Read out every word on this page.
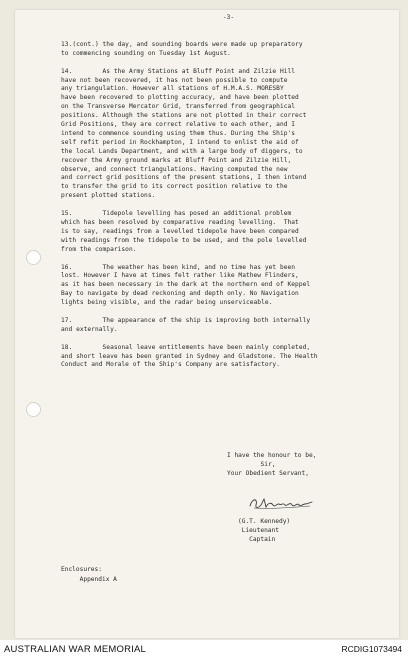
-3-
13.(cont.) the day, and sounding boards were made up preparatory
to commencing sounding on Tuesday 1st August.
14.        As the Army Stations at Bluff Point and Zilzie Hill
have not been recovered, it has not been possible to compute
any triangulation. However all stations of H.M.A.S. MORESBY
have been recovered to plotting accuracy, and have been plotted
on the Transverse Mercator Grid, transferred from geographical
positions. Although the stations are not plotted in their correct
Grid Positions, they are correct relative to each other, and I
intend to commence sounding using them thus. During the Ship's
self refit period in Rockhampton, I intend to enlist the aid of
the local Lands Department, and with a large body of diggers, to
recover the Army ground marks at Bluff Point and Zilzie Hill,
observe, and connect triangulations. Having computed the new
and correct grid positions of the present stations, I then intend
to transfer the grid to its correct position relative to the
present plotted stations.
15.        Tidepole levelling has posed an additional problem
which has been resolved by comparative reading levelling.  That
is to say, readings from a levelled tidepole have been compared
with readings from the tidepole to be used, and the pole levelled
from the comparison.
16.        The weather has been kind, and no time has yet been
lost. However I have at times felt rather like Mathew Flinders,
as it has been necessary in the dark at the northern end of Keppel
Bay to navigate by dead reckoning and depth only. No Navigation
lights being visible, and the radar being unserviceable.
17.        The appearance of the ship is improving both internally
and externally.
18.        Seasonal leave entitlements have been mainly completed,
and short leave has been granted in Sydney and Gladstone. The Health
Conduct and Morale of the Ship's Company are satisfactory.
I have the honour to be,
Sir,
Your Obedient Servant,
(G.T. Kennedy)
Lieutenant
Captain
Enclosures:
Appendix A
AUSTRALIAN WAR MEMORIAL	RCDIG1073494
